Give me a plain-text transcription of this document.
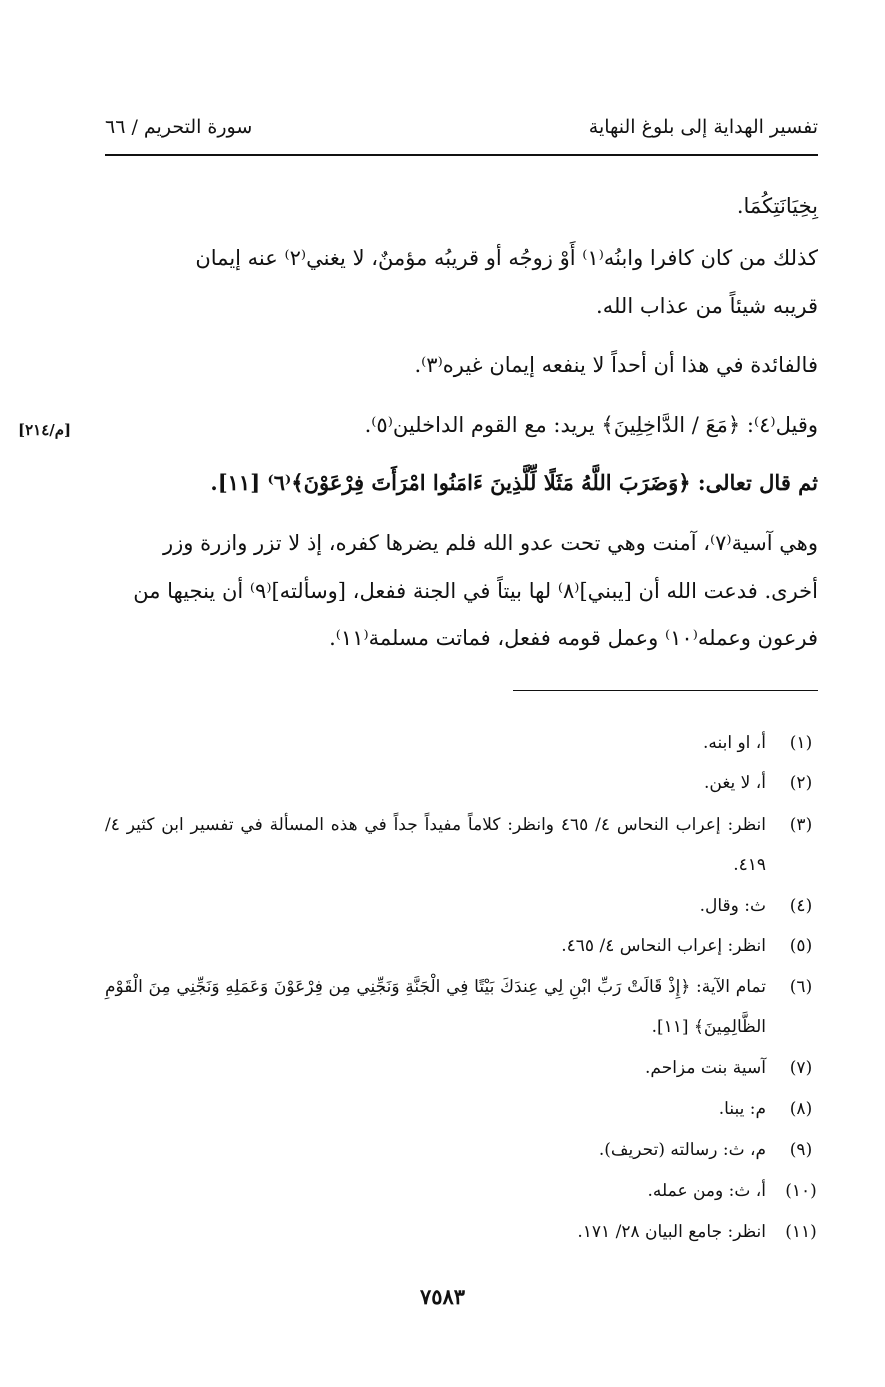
تفسير الهداية إلى بلوغ النهاية
سورة التحريم / ٦٦
[م/٢١٤]
بِخِيَانَتِكُمَا.
كذلك من كان كافرا وابنُه⁽١⁾ أَوْ زوجُه أو قريبُه مؤمنٌ، لا يغني⁽٢⁾ عنه إيمان
قريبه شيئاً من عذاب الله.
فالفائدة في هذا أن أحداً لا ينفعه إيمان غيره⁽٣⁾.
وقيل⁽٤⁾: ﴿مَعَ / الدَّاخِلِينَ﴾ يريد: مع القوم الداخلين⁽٥⁾.
ثم قال تعالى: ﴿وَضَرَبَ اللَّهُ مَثَلًا لِّلَّذِينَ ءَامَنُوا امْرَأَتَ فِرْعَوْنَ﴾⁽٦⁾ [١١].
وهي آسية⁽٧⁾، آمنت وهي تحت عدو الله فلم يضرها كفره، إذ لا تزر وازرة وزر
أخرى. فدعت الله أن [يبني]⁽٨⁾ لها بيتاً في الجنة ففعل، [وسألته]⁽٩⁾ أن ينجيها من
فرعون وعمله⁽١٠⁾ وعمل قومه ففعل، فماتت مسلمة⁽١١⁾.
(١)
أ، او ابنه.
(٢)
أ، لا يغن.
(٣)
انظر: إعراب النحاس ٤/ ٤٦٥ وانظر: كلاماً مفيداً جداً في هذه المسألة في تفسير ابن كثير ٤/ ٤١٩.
(٤)
ث: وقال.
(٥)
انظر: إعراب النحاس ٤/ ٤٦٥.
(٦)
تمام الآية: ﴿إِذْ قَالَتْ رَبِّ ابْنِ لِي عِندَكَ بَيْتًا فِي الْجَنَّةِ وَنَجِّنِي مِن فِرْعَوْنَ وَعَمَلِهِ وَنَجِّنِي مِنَ الْقَوْمِ الظَّالِمِينَ﴾ [١١].
(٧)
آسية بنت مزاحم.
(٨)
م: يبنا.
(٩)
م، ث: رسالته (تحريف).
(١٠)
أ، ث: ومن عمله.
(١١)
انظر: جامع البيان ٢٨/ ١٧١.
٧٥٨٣
